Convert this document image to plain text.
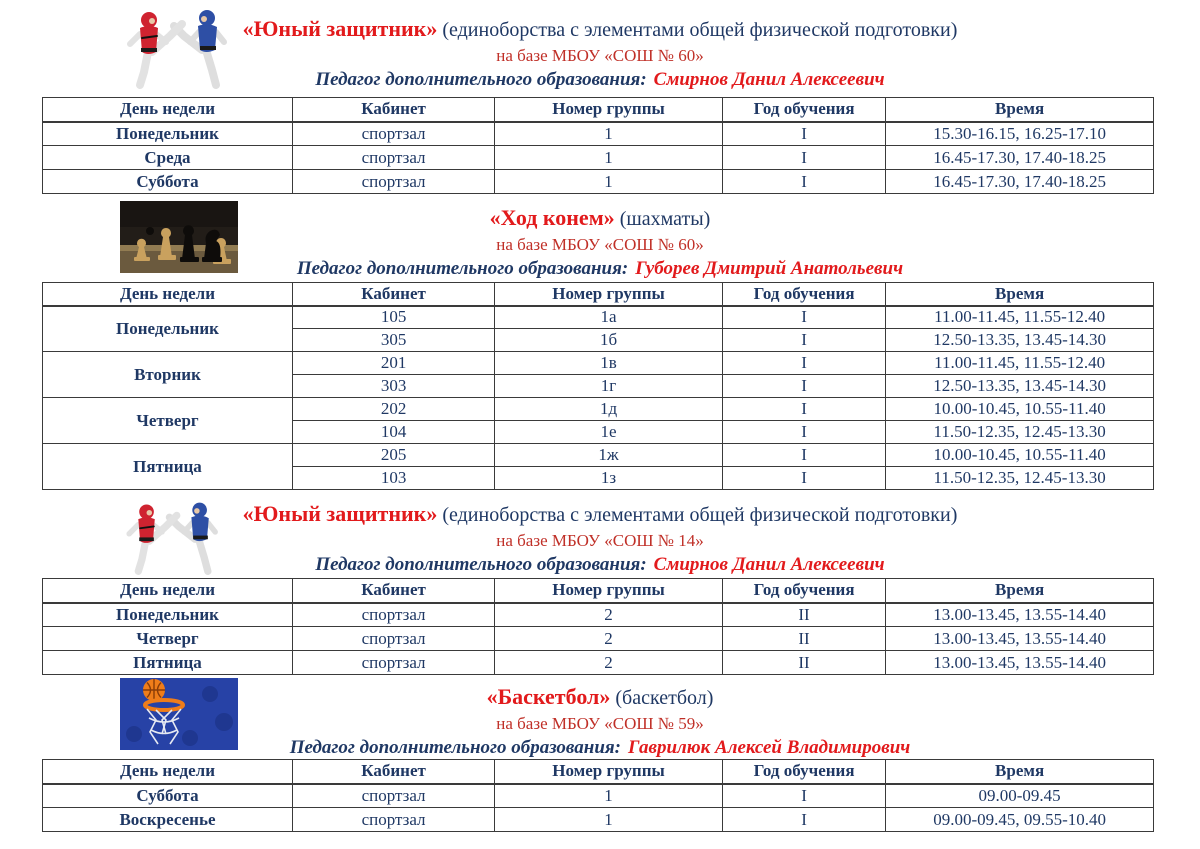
«Юный защитник» (единоборства с элементами общей физической подготовки)
на базе МБОУ «СОШ № 60»
Педагог дополнительного образования: Смирнов Данил Алексеевич
День недели	Кабинет	Номер группы	Год обучения	Время
Понедельник	спортзал	1	I	15.30-16.15, 16.25-17.10
Среда	спортзал	1	I	16.45-17.30, 17.40-18.25
Суббота	спортзал	1	I	16.45-17.30, 17.40-18.25
«Ход конем» (шахматы)
на базе МБОУ «СОШ № 60»
Педагог дополнительного образования: Губорев Дмитрий Анатольевич
День недели	Кабинет	Номер группы	Год обучения	Время
Понедельник	105	1а	I	11.00-11.45, 11.55-12.40
	305	1б	I	12.50-13.35, 13.45-14.30
Вторник	201	1в	I	11.00-11.45, 11.55-12.40
	303	1г	I	12.50-13.35, 13.45-14.30
Четверг	202	1д	I	10.00-10.45, 10.55-11.40
	104	1е	I	11.50-12.35, 12.45-13.30
Пятница	205	1ж	I	10.00-10.45, 10.55-11.40
	103	1з	I	11.50-12.35, 12.45-13.30
«Юный защитник» (единоборства с элементами общей физической подготовки)
на базе МБОУ «СОШ № 14»
Педагог дополнительного образования: Смирнов Данил Алексеевич
День недели	Кабинет	Номер группы	Год обучения	Время
Понедельник	спортзал	2	II	13.00-13.45, 13.55-14.40
Четверг	спортзал	2	II	13.00-13.45, 13.55-14.40
Пятница	спортзал	2	II	13.00-13.45, 13.55-14.40
«Баскетбол» (баскетбол)
на базе МБОУ «СОШ № 59»
Педагог дополнительного образования: Гаврилюк Алексей Владимирович
День недели	Кабинет	Номер группы	Год обучения	Время
Суббота	спортзал	1	I	09.00-09.45
Воскресенье	спортзал	1	I	09.00-09.45, 09.55-10.40
